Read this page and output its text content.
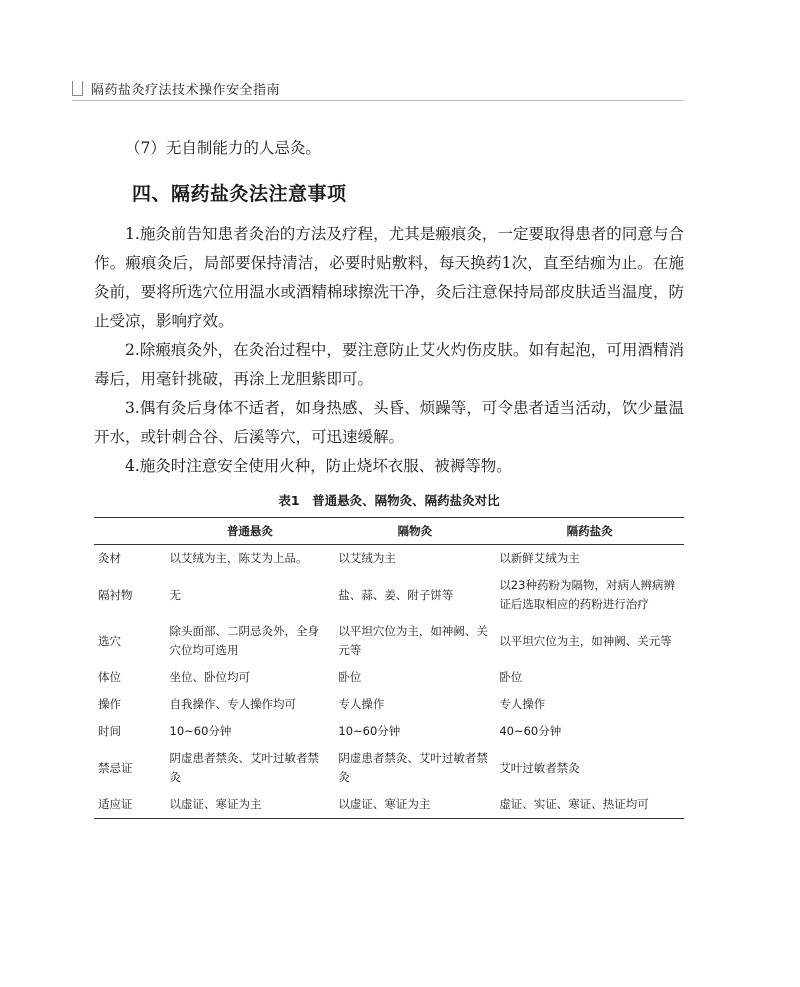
隔药盐灸疗法技术操作安全指南

（7）无自制能力的人忌灸。

四、隔药盐灸法注意事项

1.施灸前告知患者灸治的方法及疗程，尤其是瘢痕灸，一定要取得患者的同意与合作。瘢痕灸后，局部要保持清洁，必要时贴敷料，每天换药1次，直至结痂为止。在施灸前，要将所选穴位用温水或酒精棉球擦洗干净，灸后注意保持局部皮肤适当温度，防止受凉，影响疗效。

2.除瘢痕灸外，在灸治过程中，要注意防止艾火灼伤皮肤。如有起泡，可用酒精消毒后，用毫针挑破，再涂上龙胆紫即可。

3.偶有灸后身体不适者，如身热感、头昏、烦躁等，可令患者适当活动，饮少量温开水，或针刺合谷、后溪等穴，可迅速缓解。

4.施灸时注意安全使用火种，防止烧坏衣服、被褥等物。

表1　普通悬灸、隔物灸、隔药盐灸对比
	普通悬灸	隔物灸	隔药盐灸
灸材	以艾绒为主，陈艾为上品。	以艾绒为主	以新鲜艾绒为主
隔衬物	无	盐、蒜、姜、附子饼等	以23种药粉为隔物，对病人辨病辨证后选取相应的药粉进行治疗
选穴	除头面部、二阴忌灸外，全身穴位均可选用	以平坦穴位为主，如神阙、关元等	以平坦穴位为主，如神阙、关元等
体位	坐位、卧位均可	卧位	卧位
操作	自我操作、专人操作均可	专人操作	专人操作
时间	10~60分钟	10~60分钟	40~60分钟
禁忌证	阴虚患者禁灸、艾叶过敏者禁灸	阴虚患者禁灸、艾叶过敏者禁灸	艾叶过敏者禁灸
适应证	以虚证、寒证为主	以虚证、寒证为主	虚证、实证、寒证、热证均可
